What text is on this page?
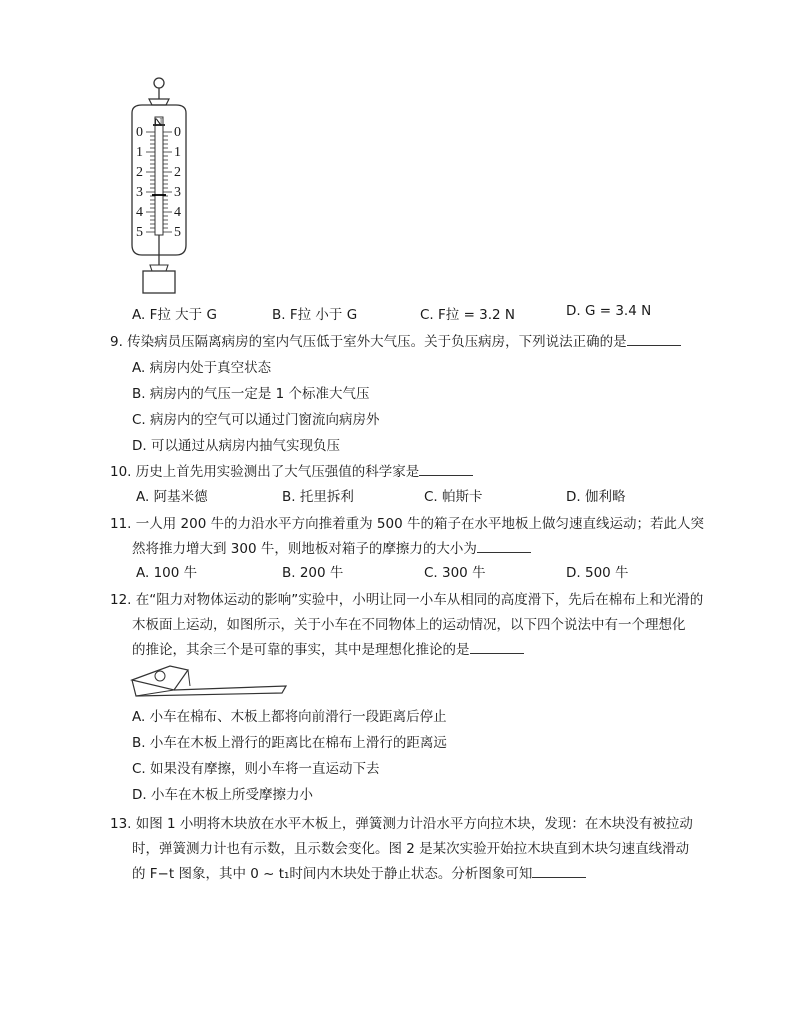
N
0
1
2
3
4
5
0
1
2
3
4
5
A. F拉 大于 G	B. F拉 小于 G	C. F拉 = 3.2 N	D. G = 3.4 N
9. 传染病员压隔离病房的室内气压低于室外大气压。关于负压病房，下列说法正确的是
A. 病房内处于真空状态
B. 病房内的气压一定是 1 个标准大气压
C. 病房内的空气可以通过门窗流向病房外
D. 可以通过从病房内抽气实现负压
10. 历史上首先用实验测出了大气压强值的科学家是
A. 阿基米德	B. 托里拆利	C. 帕斯卡	D. 伽利略
11. 一人用 200 牛的力沿水平方向推着重为 500 牛的箱子在水平地板上做匀速直线运动；若此人突
然将推力增大到 300 牛，则地板对箱子的摩擦力的大小为
A. 100 牛	B. 200 牛	C. 300 牛	D. 500 牛
12. 在“阻力对物体运动的影响”实验中，小明让同一小车从相同的高度滑下，先后在棉布上和光滑的
木板面上运动，如图所示，关于小车在不同物体上的运动情况，以下四个说法中有一个理想化
的推论，其余三个是可靠的事实，其中是理想化推论的是
A. 小车在棉布、木板上都将向前滑行一段距离后停止
B. 小车在木板上滑行的距离比在棉布上滑行的距离远
C. 如果没有摩擦，则小车将一直运动下去
D. 小车在木板上所受摩擦力小
13. 如图 1 小明将木块放在水平木板上，弹簧测力计沿水平方向拉木块，发现：在木块没有被拉动
时，弹簧测力计也有示数，且示数会变化。图 2 是某次实验开始拉木块直到木块匀速直线滑动
的 F−t 图象，其中 0 ~ t₁时间内木块处于静止状态。分析图象可知
